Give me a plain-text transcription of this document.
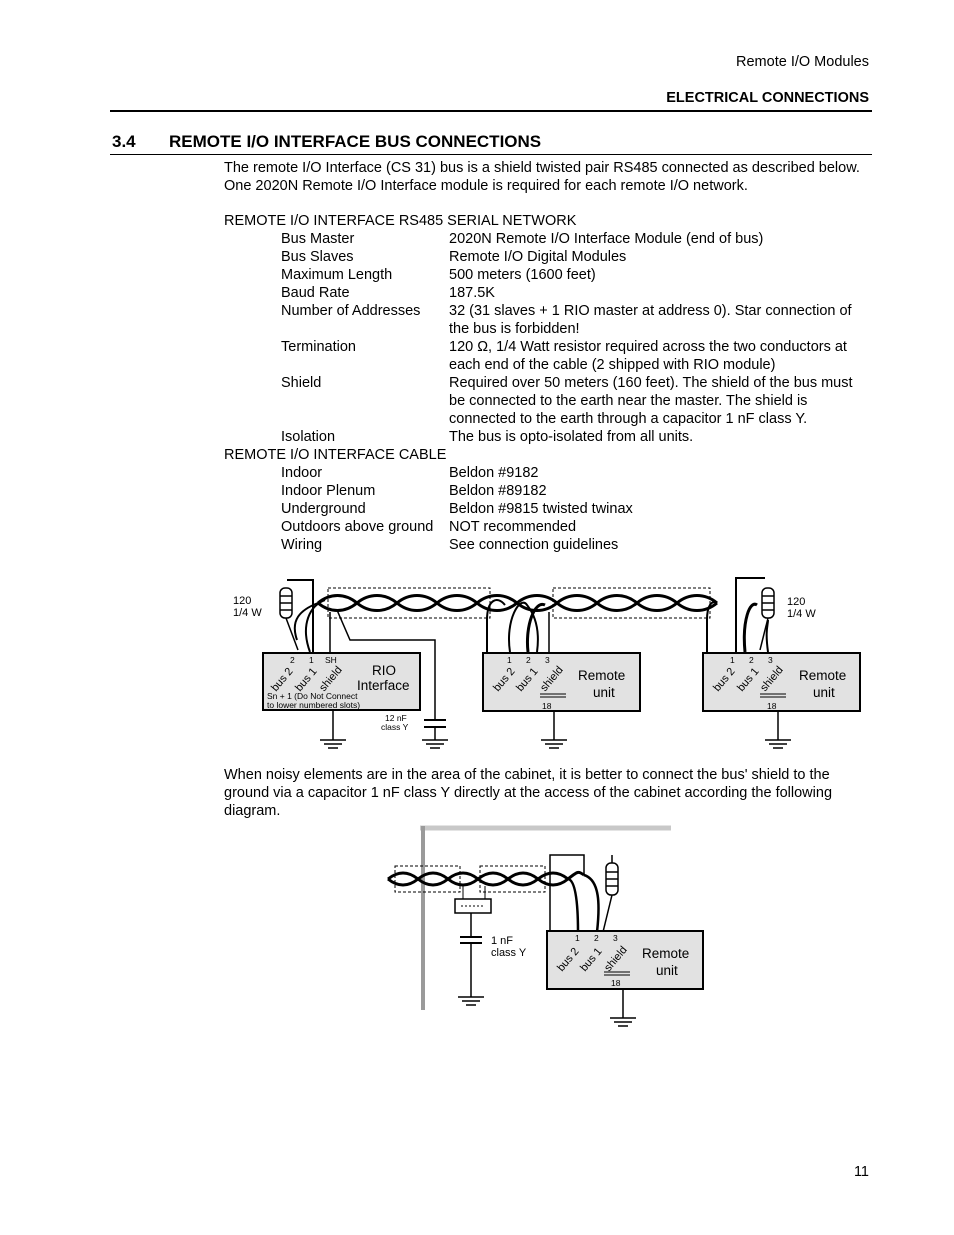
Remote I/O Modules
ELECTRICAL CONNECTIONS
3.4 REMOTE I/O INTERFACE BUS CONNECTIONS
The remote I/O Interface (CS 31) bus is a shield twisted pair RS485 connected as described below. One 2020N Remote I/O Interface module is required for each remote I/O network.
REMOTE I/O INTERFACE RS485 SERIAL NETWORK
Bus Master	2020N Remote I/O Interface Module (end of bus)
Bus Slaves	Remote I/O Digital Modules
Maximum Length	500 meters (1600 feet)
Baud Rate	187.5K
Number of Addresses	32 (31 slaves + 1 RIO master at address 0). Star connection of the bus is forbidden!
Termination	120 Ω, 1/4 Watt resistor required across the two conductors at each end of the cable (2 shipped with RIO module)
Shield	Required over 50 meters (160 feet). The shield of the bus must be connected to the earth near the master. The shield is connected to the earth through a capacitor 1 nF class Y.
Isolation	The bus is opto-isolated from all units.
REMOTE I/O INTERFACE CABLE
Indoor	Beldon #9182
Indoor Plenum	Beldon #89182
Underground	Beldon #9815 twisted twinax
Outdoors above ground	NOT recommended
Wiring	See connection guidelines
120
1/4 W
120
1/4 W
2 1 SH
bus 2
bus 1
shield RIO
Interface
Sn + 1 (Do Not Connect
to lower numbered slots)
12 nF
class Y
1 2 3
bus 2
bus 1
shield Remote
unit
18
1 2 3
bus 2
bus 1
shield Remote
unit
18
1 nF
class Y
1 2 3
bus 2
bus 1
shield Remote
unit
18
When noisy elements are in the area of the cabinet, it is better to connect the bus' shield to the ground via a capacitor 1 nF class Y directly at the access of the cabinet according the following diagram.
11
